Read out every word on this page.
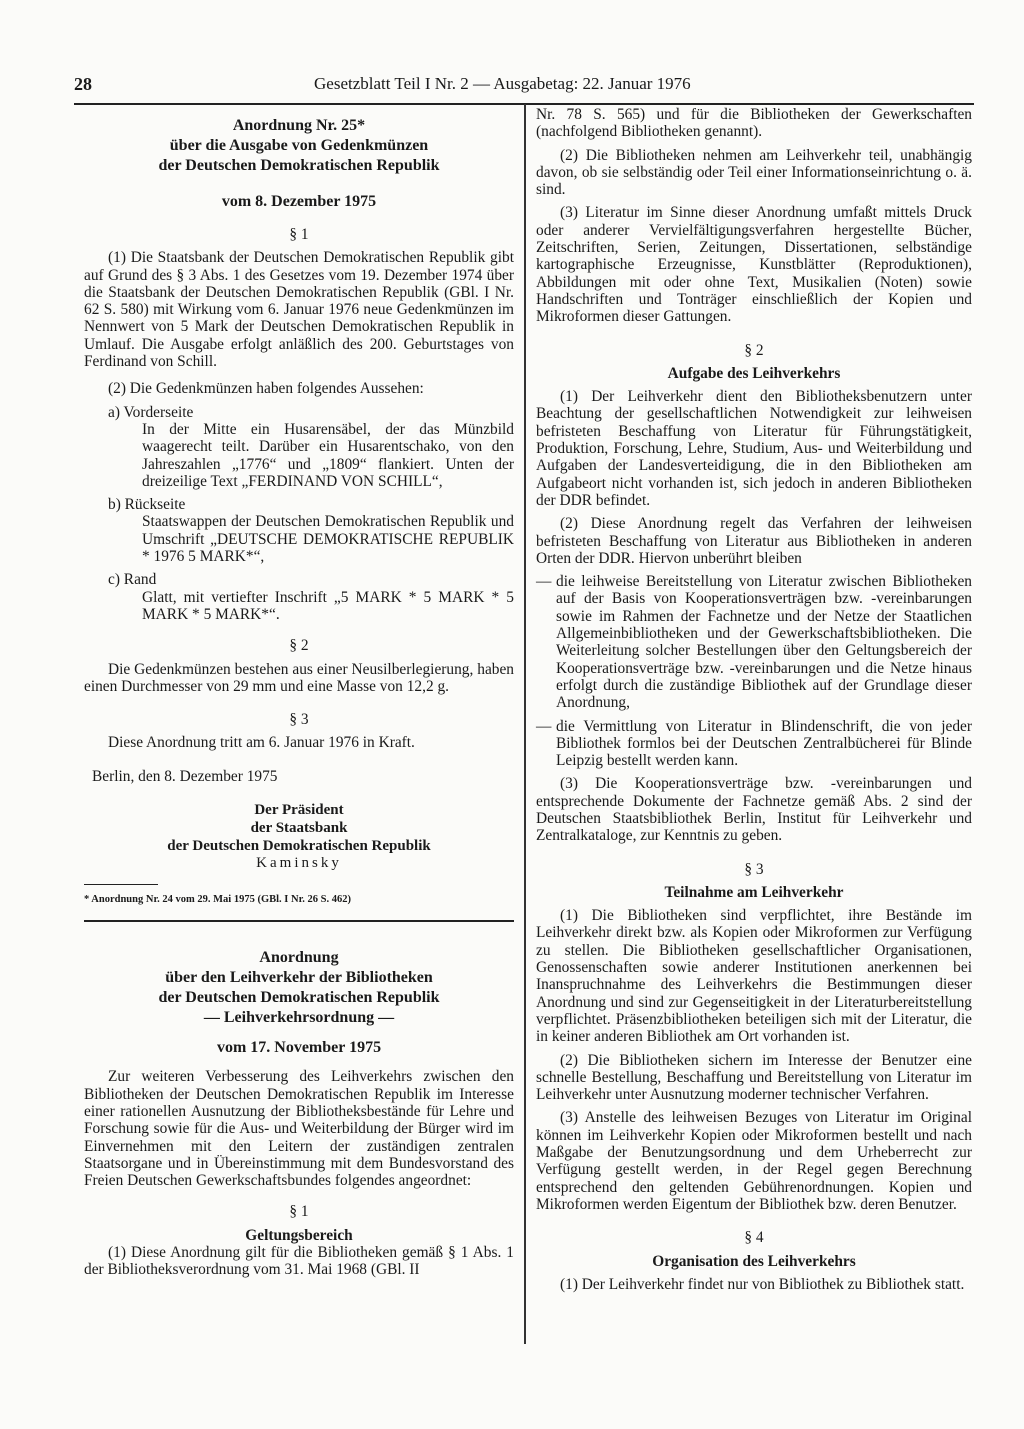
28	Gesetzblatt Teil I Nr. 2 — Ausgabetag: 22. Januar 1976

Anordnung Nr. 25*

über die Ausgabe von Gedenkmünzen

der Deutschen Demokratischen Republik

vom 8. Dezember 1975

§ 1

(1) Die Staatsbank der Deutschen Demokratischen Republik gibt auf Grund des § 3 Abs. 1 des Gesetzes vom 19. Dezember 1974 über die Staatsbank der Deutschen Demokratischen Republik (GBl. I Nr. 62 S. 580) mit Wirkung vom 6. Januar 1976 neue Gedenkmünzen im Nennwert von 5 Mark der Deutschen Demokratischen Republik in Umlauf. Die Ausgabe erfolgt anläßlich des 200. Geburtstages von Ferdinand von Schill.

(2) Die Gedenkmünzen haben folgendes Aussehen:

a) Vorderseite

In der Mitte ein Husarensäbel, der das Münzbild waagerecht teilt. Darüber ein Husarentschako, von den Jahreszahlen „1776“ und „1809“ flankiert. Unten der dreizeilige Text „FERDINAND VON SCHILL“,

b) Rückseite

Staatswappen der Deutschen Demokratischen Republik und Umschrift „DEUTSCHE DEMOKRATISCHE REPUBLIK * 1976 5 MARK*“,

c) Rand

Glatt, mit vertiefter Inschrift „5 MARK * 5 MARK * 5 MARK * 5 MARK*“.

§ 2

Die Gedenkmünzen bestehen aus einer Neusilberlegierung, haben einen Durchmesser von 29 mm und eine Masse von 12,2 g.

§ 3

Diese Anordnung tritt am 6. Januar 1976 in Kraft.

Berlin, den 8. Dezember 1975

Der Präsident

der Staatsbank

der Deutschen Demokratischen Republik

Kaminsky

* Anordnung Nr. 24 vom 29. Mai 1975 (GBl. I Nr. 26 S. 462)

Anordnung

über den Leihverkehr der Bibliotheken

der Deutschen Demokratischen Republik

— Leihverkehrsordnung —

vom 17. November 1975

Zur weiteren Verbesserung des Leihverkehrs zwischen den Bibliotheken der Deutschen Demokratischen Republik im Interesse einer rationellen Ausnutzung der Bibliotheksbestände für Lehre und Forschung sowie für die Aus- und Weiterbildung der Bürger wird im Einvernehmen mit den Leitern der zuständigen zentralen Staatsorgane und in Übereinstimmung mit dem Bundesvorstand des Freien Deutschen Gewerkschaftsbundes folgendes angeordnet:

§ 1

Geltungsbereich

(1) Diese Anordnung gilt für die Bibliotheken gemäß § 1 Abs. 1 der Bibliotheksverordnung vom 31. Mai 1968 (GBl. II

Nr. 78 S. 565) und für die Bibliotheken der Gewerkschaften (nachfolgend Bibliotheken genannt).

(2) Die Bibliotheken nehmen am Leihverkehr teil, unabhängig davon, ob sie selbständig oder Teil einer Informationseinrichtung o. ä. sind.

(3) Literatur im Sinne dieser Anordnung umfaßt mittels Druck oder anderer Vervielfältigungsverfahren hergestellte Bücher, Zeitschriften, Serien, Zeitungen, Dissertationen, selbständige kartographische Erzeugnisse, Kunstblätter (Reproduktionen), Abbildungen mit oder ohne Text, Musikalien (Noten) sowie Handschriften und Tonträger einschließlich der Kopien und Mikroformen dieser Gattungen.

§ 2

Aufgabe des Leihverkehrs

(1) Der Leihverkehr dient den Bibliotheksbenutzern unter Beachtung der gesellschaftlichen Notwendigkeit zur leihweisen befristeten Beschaffung von Literatur für Führungstätigkeit, Produktion, Forschung, Lehre, Studium, Aus- und Weiterbildung und Aufgaben der Landesverteidigung, die in den Bibliotheken am Aufgabeort nicht vorhanden ist, sich jedoch in anderen Bibliotheken der DDR befindet.

(2) Diese Anordnung regelt das Verfahren der leihweisen befristeten Beschaffung von Literatur aus Bibliotheken in anderen Orten der DDR. Hiervon unberührt bleiben

— die leihweise Bereitstellung von Literatur zwischen Bibliotheken auf der Basis von Kooperationsverträgen bzw. -vereinbarungen sowie im Rahmen der Fachnetze und der Netze der Staatlichen Allgemeinbibliotheken und der Gewerkschaftsbibliotheken. Die Weiterleitung solcher Bestellungen über den Geltungsbereich der Kooperationsverträge bzw. -vereinbarungen und die Netze hinaus erfolgt durch die zuständige Bibliothek auf der Grundlage dieser Anordnung,

— die Vermittlung von Literatur in Blindenschrift, die von jeder Bibliothek formlos bei der Deutschen Zentralbücherei für Blinde Leipzig bestellt werden kann.

(3) Die Kooperationsverträge bzw. -vereinbarungen und entsprechende Dokumente der Fachnetze gemäß Abs. 2 sind der Deutschen Staatsbibliothek Berlin, Institut für Leihverkehr und Zentralkataloge, zur Kenntnis zu geben.

§ 3

Teilnahme am Leihverkehr

(1) Die Bibliotheken sind verpflichtet, ihre Bestände im Leihverkehr direkt bzw. als Kopien oder Mikroformen zur Verfügung zu stellen. Die Bibliotheken gesellschaftlicher Organisationen, Genossenschaften sowie anderer Institutionen anerkennen bei Inanspruchnahme des Leihverkehrs die Bestimmungen dieser Anordnung und sind zur Gegenseitigkeit in der Literaturbereitstellung verpflichtet. Präsenzbibliotheken beteiligen sich mit der Literatur, die in keiner anderen Bibliothek am Ort vorhanden ist.

(2) Die Bibliotheken sichern im Interesse der Benutzer eine schnelle Bestellung, Beschaffung und Bereitstellung von Literatur im Leihverkehr unter Ausnutzung moderner technischer Verfahren.

(3) Anstelle des leihweisen Bezuges von Literatur im Original können im Leihverkehr Kopien oder Mikroformen bestellt und nach Maßgabe der Benutzungsordnung und dem Urheberrecht zur Verfügung gestellt werden, in der Regel gegen Berechnung entsprechend den geltenden Gebührenordnungen. Kopien und Mikroformen werden Eigentum der Bibliothek bzw. deren Benutzer.

§ 4

Organisation des Leihverkehrs

(1) Der Leihverkehr findet nur von Bibliothek zu Bibliothek statt.
